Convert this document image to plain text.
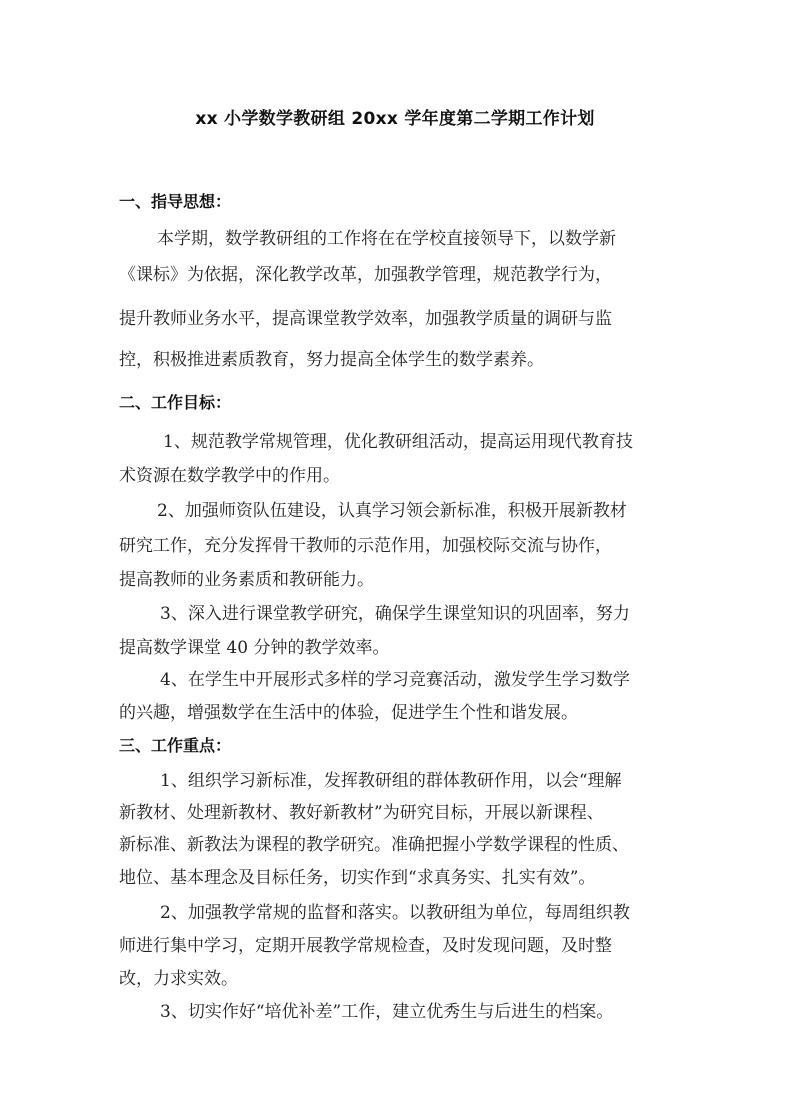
xx 小学数学教研组 20xx 学年度第二学期工作计划
一、指导思想：
本学期，数学教研组的工作将在在学校直接领导下，以数学新
《课标》为依据，深化教学改革，加强教学管理，规范教学行为，
提升教师业务水平，提高课堂教学效率，加强教学质量的调研与监
控，积极推进素质教育，努力提高全体学生的数学素养。
二、工作目标：
1、规范教学常规管理，优化教研组活动，提高运用现代教育技
术资源在数学教学中的作用。
2、加强师资队伍建设，认真学习领会新标准，积极开展新教材
研究工作，充分发挥骨干教师的示范作用，加强校际交流与协作，
提高教师的业务素质和教研能力。
3、深入进行课堂教学研究，确保学生课堂知识的巩固率，努力
提高数学课堂 40 分钟的教学效率。
4、在学生中开展形式多样的学习竞赛活动，激发学生学习数学
的兴趣，增强数学在生活中的体验，促进学生个性和谐发展。
三、工作重点：
1、组织学习新标准，发挥教研组的群体教研作用，以会“理解
新教材、处理新教材、教好新教材”为研究目标，开展以新课程、
新标准、新教法为课程的教学研究。准确把握小学数学课程的性质、
地位、基本理念及目标任务，切实作到“求真务实、扎实有效”。
2、加强教学常规的监督和落实。以教研组为单位，每周组织教
师进行集中学习，定期开展教学常规检查，及时发现问题，及时整
改，力求实效。
3、切实作好“培优补差”工作，建立优秀生与后进生的档案。
